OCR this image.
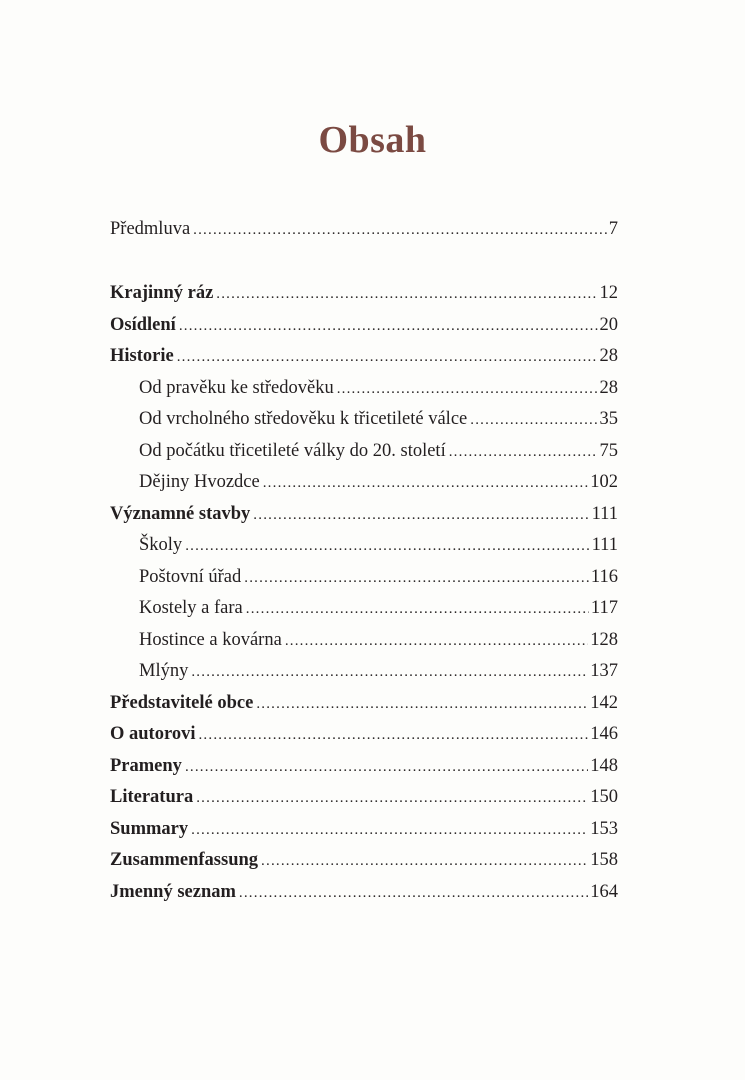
Obsah
Předmluva .....	7
Krajinný ráz .....	12
Osídlení .....	20
Historie .....	28
Od pravěku ke středověku .....	28
Od vrcholného středověku k třicetileté válce .....	35
Od počátku třicetileté války do 20. století .....	75
Dějiny Hvozdce .....	102
Významné stavby .....	111
Školy .....	111
Poštovní úřad .....	116
Kostely a fara .....	117
Hostince a kovárna .....	128
Mlýny .....	137
Představitelé obce .....	142
O autorovi .....	146
Prameny .....	148
Literatura .....	150
Summary .....	153
Zusammenfassung .....	158
Jmenný seznam .....	164
